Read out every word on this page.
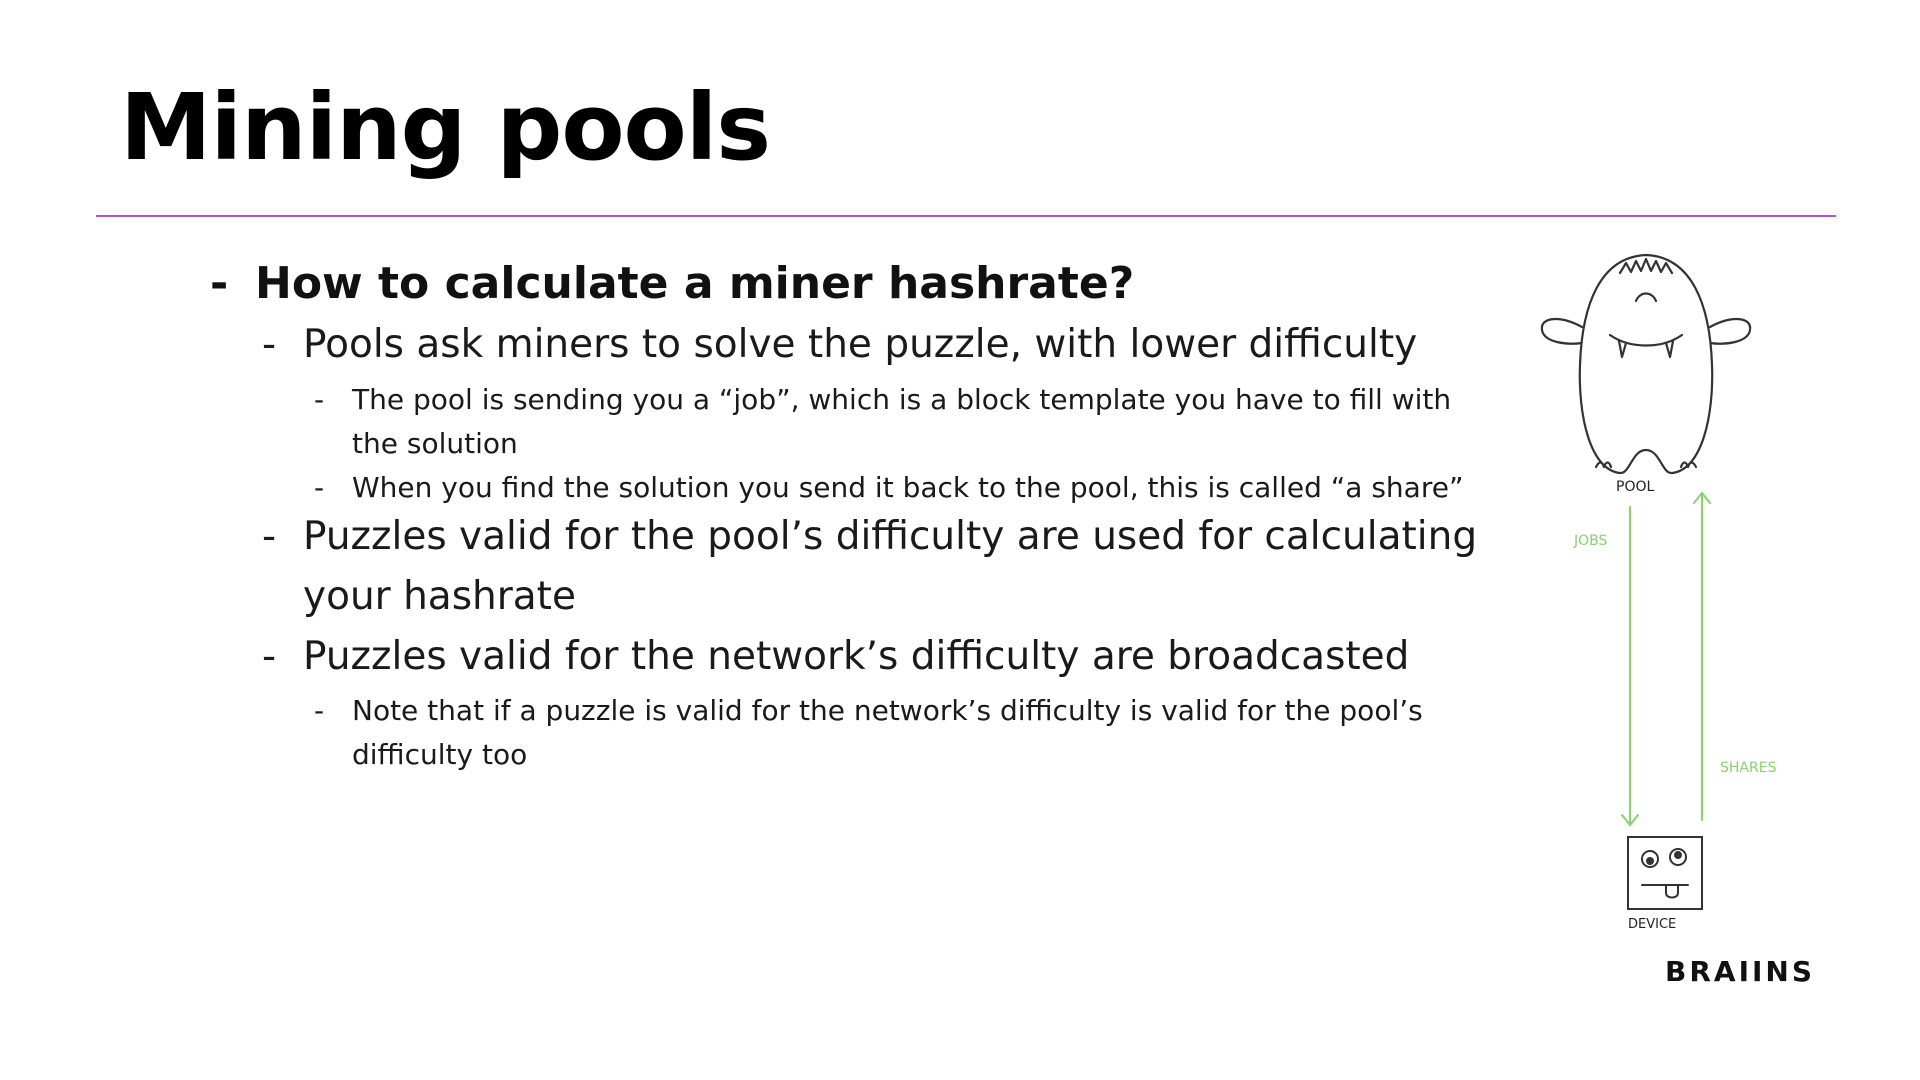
Mining pools
- How to calculate a miner hashrate?
- Pools ask miners to solve the puzzle, with lower difficulty
- The pool is sending you a “job”, which is a block template you have to fill with
the solution
- When you find the solution you send it back to the pool, this is called “a share”
- Puzzles valid for the pool’s difficulty are used for calculating
your hashrate
- Puzzles valid for the network’s difficulty are broadcasted
- Note that if a puzzle is valid for the network’s difficulty is valid for the pool’s
difficulty too
POOL
JOBS
SHARES
DEVICE
BRAIINS
